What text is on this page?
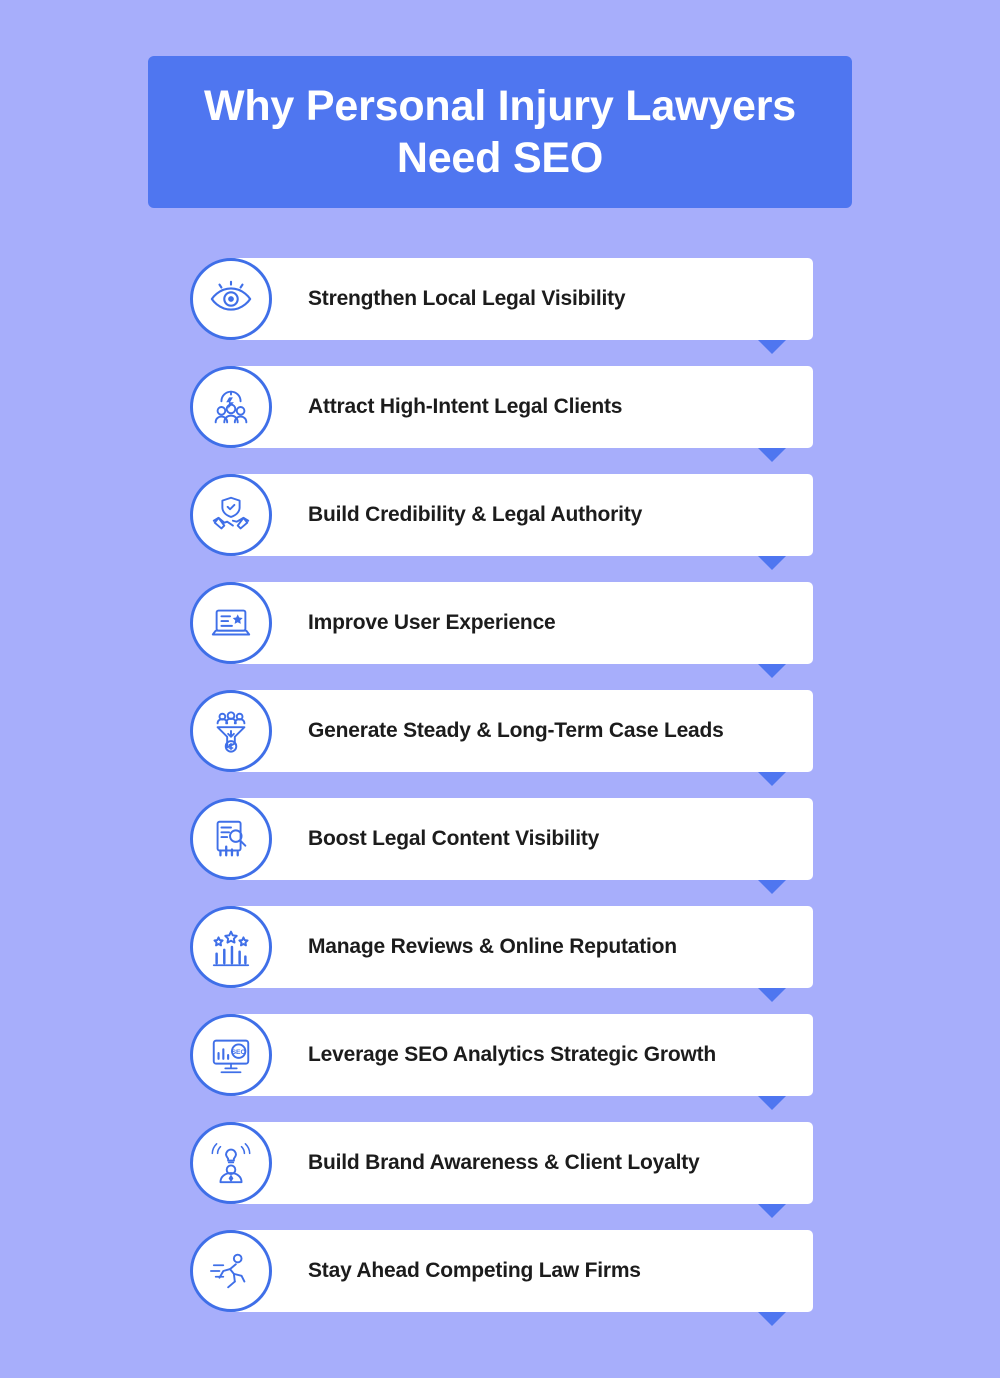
Why Personal Injury Lawyers
Need SEO
Strengthen Local Legal Visibility	1
Attract High-Intent Legal Clients	2
Build Credibility & Legal Authority	3
Improve User Experience	4
Generate Steady & Long-Term Case Leads	5
Boost Legal Content Visibility	6
Manage Reviews & Online Reputation	7
SEO	Leverage SEO Analytics Strategic Growth	8
Build Brand Awareness & Client Loyalty	9
Stay Ahead Competing Law Firms	10
